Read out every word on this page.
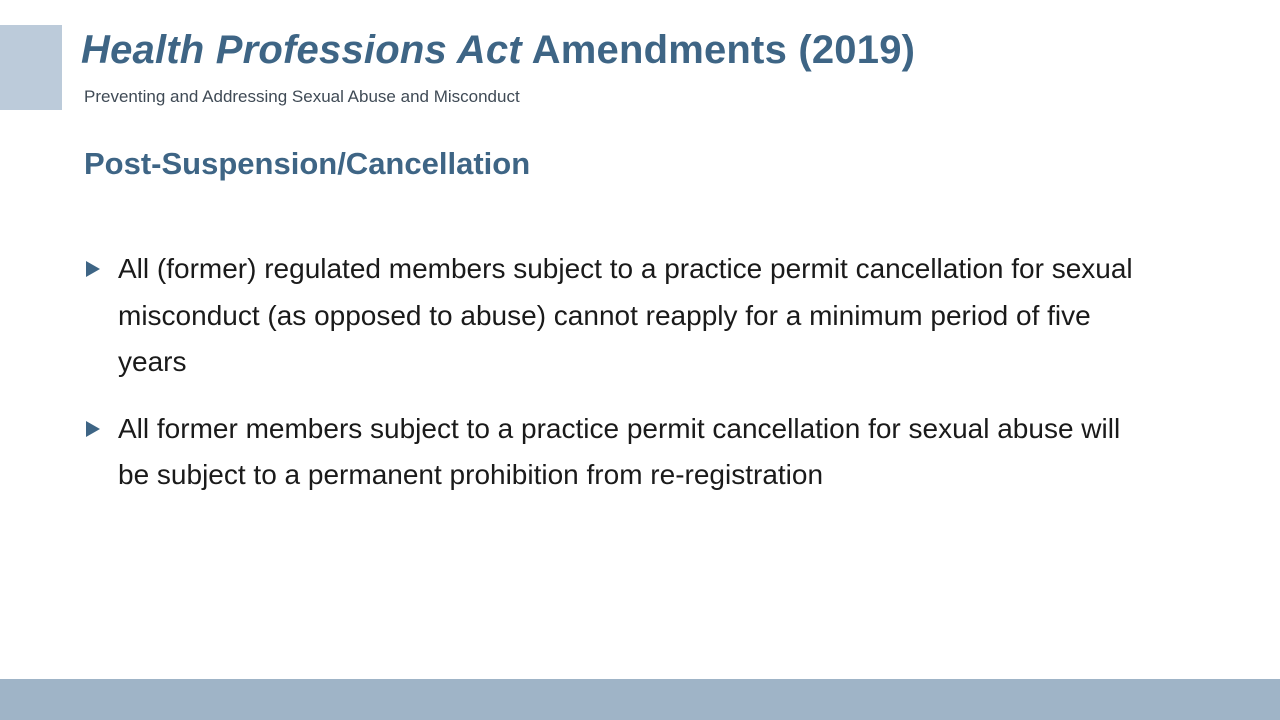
Health Professions Act Amendments (2019)
Preventing and Addressing Sexual Abuse and Misconduct
Post-Suspension/Cancellation
All (former) regulated members subject to a practice permit cancellation for sexual misconduct (as opposed to abuse) cannot reapply for a minimum period of five years
All former members subject to a practice permit cancellation for sexual abuse will be subject to a permanent prohibition from re-registration
